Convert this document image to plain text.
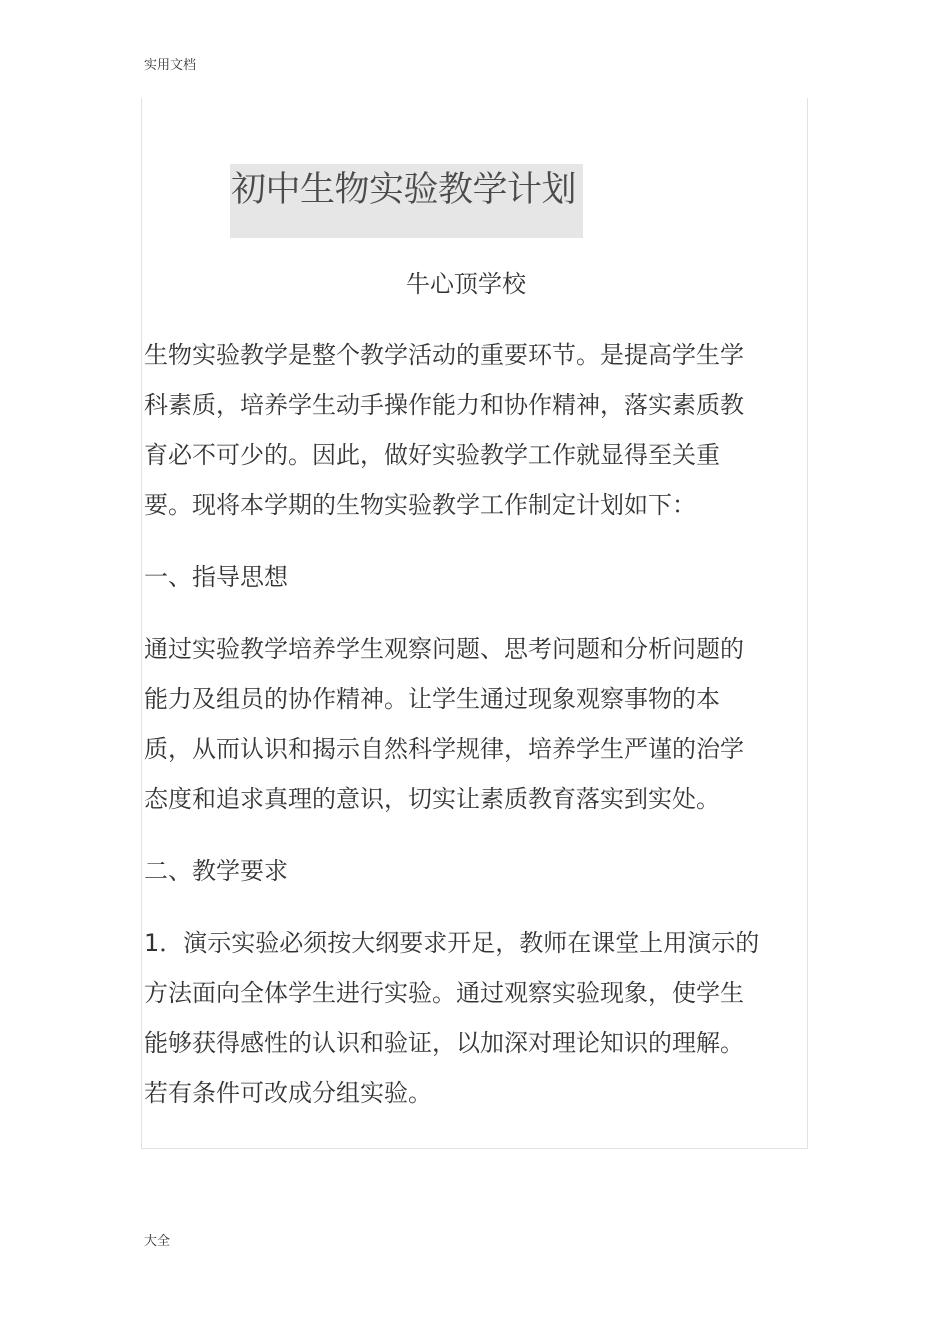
实用文档
初中生物实验教学计划
牛心顶学校
生物实验教学是整个教学活动的重要环节。是提高学生学
科素质，培养学生动手操作能力和协作精神，落实素质教
育必不可少的。因此，做好实验教学工作就显得至关重
要。现将本学期的生物实验教学工作制定计划如下：
一、指导思想
通过实验教学培养学生观察问题、思考问题和分析问题的
能力及组员的协作精神。让学生通过现象观察事物的本
质，从而认识和揭示自然科学规律，培养学生严谨的治学
态度和追求真理的意识，切实让素质教育落实到实处。
二、教学要求
1．演示实验必须按大纲要求开足，教师在课堂上用演示的
方法面向全体学生进行实验。通过观察实验现象，使学生
能够获得感性的认识和验证，以加深对理论知识的理解。
若有条件可改成分组实验。
大全
